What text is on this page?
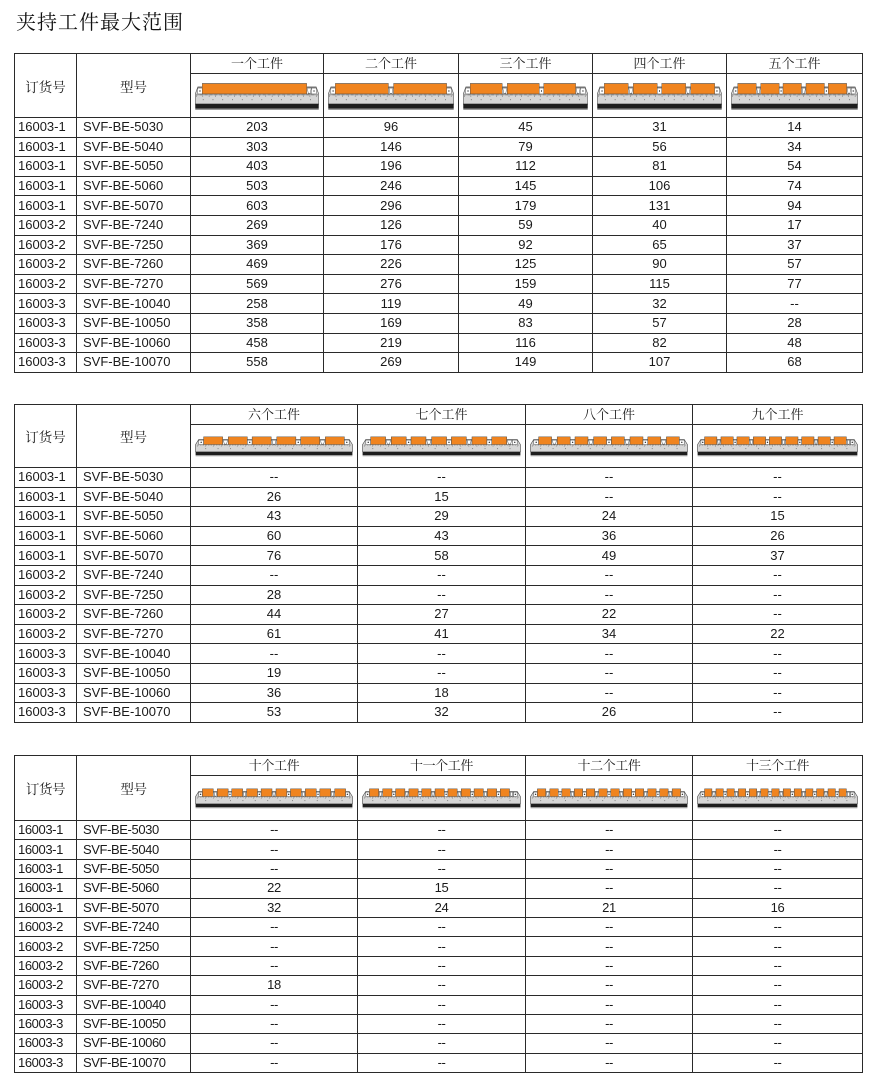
夹持工件最大范围
订货号	型号	一个工件	二个工件	三个工件	四个工件	五个工件

16003-1	SVF-BE-5030	203	96	45	31	14
16003-1	SVF-BE-5040	303	146	79	56	34
16003-1	SVF-BE-5050	403	196	112	81	54
16003-1	SVF-BE-5060	503	246	145	106	74
16003-1	SVF-BE-5070	603	296	179	131	94
16003-2	SVF-BE-7240	269	126	59	40	17
16003-2	SVF-BE-7250	369	176	92	65	37
16003-2	SVF-BE-7260	469	226	125	90	57
16003-2	SVF-BE-7270	569	276	159	115	77
16003-3	SVF-BE-10040	258	119	49	32	--
16003-3	SVF-BE-10050	358	169	83	57	28
16003-3	SVF-BE-10060	458	219	116	82	48
16003-3	SVF-BE-10070	558	269	149	107	68
订货号	型号	六个工件	七个工件	八个工件	九个工件

16003-1	SVF-BE-5030	--	--	--	--
16003-1	SVF-BE-5040	26	15	--	--
16003-1	SVF-BE-5050	43	29	24	15
16003-1	SVF-BE-5060	60	43	36	26
16003-1	SVF-BE-5070	76	58	49	37
16003-2	SVF-BE-7240	--	--	--	--
16003-2	SVF-BE-7250	28	--	--	--
16003-2	SVF-BE-7260	44	27	22	--
16003-2	SVF-BE-7270	61	41	34	22
16003-3	SVF-BE-10040	--	--	--	--
16003-3	SVF-BE-10050	19	--	--	--
16003-3	SVF-BE-10060	36	18	--	--
16003-3	SVF-BE-10070	53	32	26	--
订货号	型号	十个工件	十一个工件	十二个工件	十三个工件

16003-1	SVF-BE-5030	--	--	--	--
16003-1	SVF-BE-5040	--	--	--	--
16003-1	SVF-BE-5050	--	--	--	--
16003-1	SVF-BE-5060	22	15	--	--
16003-1	SVF-BE-5070	32	24	21	16
16003-2	SVF-BE-7240	--	--	--	--
16003-2	SVF-BE-7250	--	--	--	--
16003-2	SVF-BE-7260	--	--	--	--
16003-2	SVF-BE-7270	18	--	--	--
16003-3	SVF-BE-10040	--	--	--	--
16003-3	SVF-BE-10050	--	--	--	--
16003-3	SVF-BE-10060	--	--	--	--
16003-3	SVF-BE-10070	--	--	--	--
